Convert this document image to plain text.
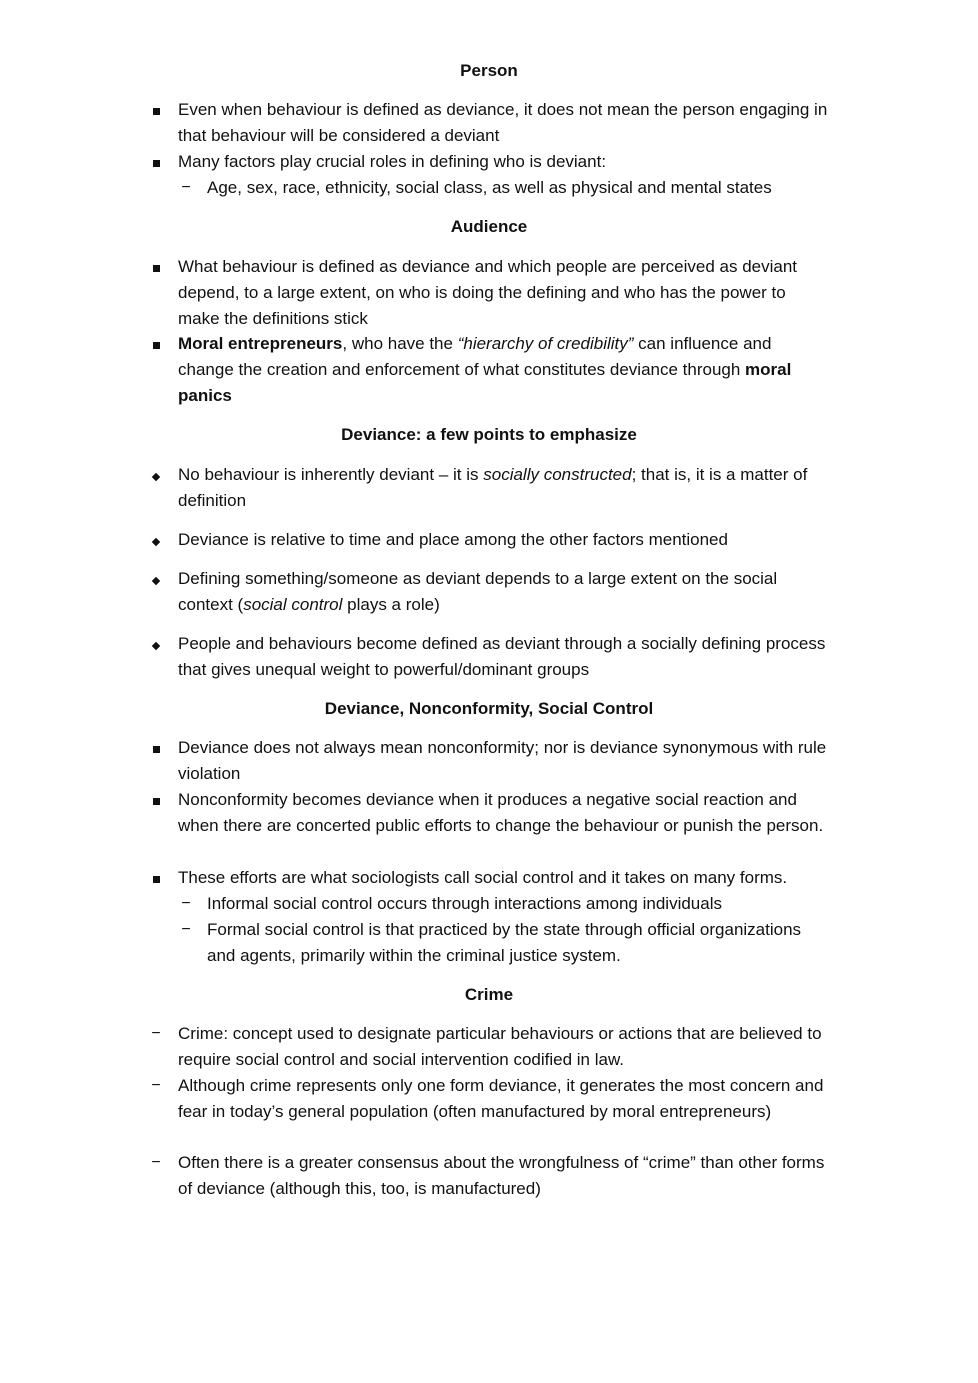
Person
Even when behaviour is defined as deviance, it does not mean the person engaging in that behaviour will be considered a deviant
Many factors play crucial roles in defining who is deviant:
− Age, sex, race, ethnicity, social class, as well as physical and mental states
Audience
What behaviour is defined as deviance and which people are perceived as deviant depend, to a large extent, on who is doing the defining and who has the power to make the definitions stick
Moral entrepreneurs, who have the “hierarchy of credibility” can influence and change the creation and enforcement of what constitutes deviance through moral panics
Deviance: a few points to emphasize
No behaviour is inherently deviant – it is socially constructed; that is, it is a matter of definition
Deviance is relative to time and place among the other factors mentioned
Defining something/someone as deviant depends to a large extent on the social context (social control plays a role)
People and behaviours become defined as deviant through a socially defining process that gives unequal weight to powerful/dominant groups
Deviance, Nonconformity, Social Control
Deviance does not always mean nonconformity; nor is deviance synonymous with rule violation
Nonconformity becomes deviance when it produces a negative social reaction and when there are concerted public efforts to change the behaviour or punish the person.
These efforts are what sociologists call social control and it takes on many forms.
− Informal social control occurs through interactions among individuals
− Formal social control is that practiced by the state through official organizations and agents, primarily within the criminal justice system.
Crime
− Crime: concept used to designate particular behaviours or actions that are believed to require social control and social intervention codified in law.
− Although crime represents only one form deviance, it generates the most concern and fear in today’s general population (often manufactured by moral entrepreneurs)
− Often there is a greater consensus about the wrongfulness of “crime” than other forms of deviance (although this, too, is manufactured)
